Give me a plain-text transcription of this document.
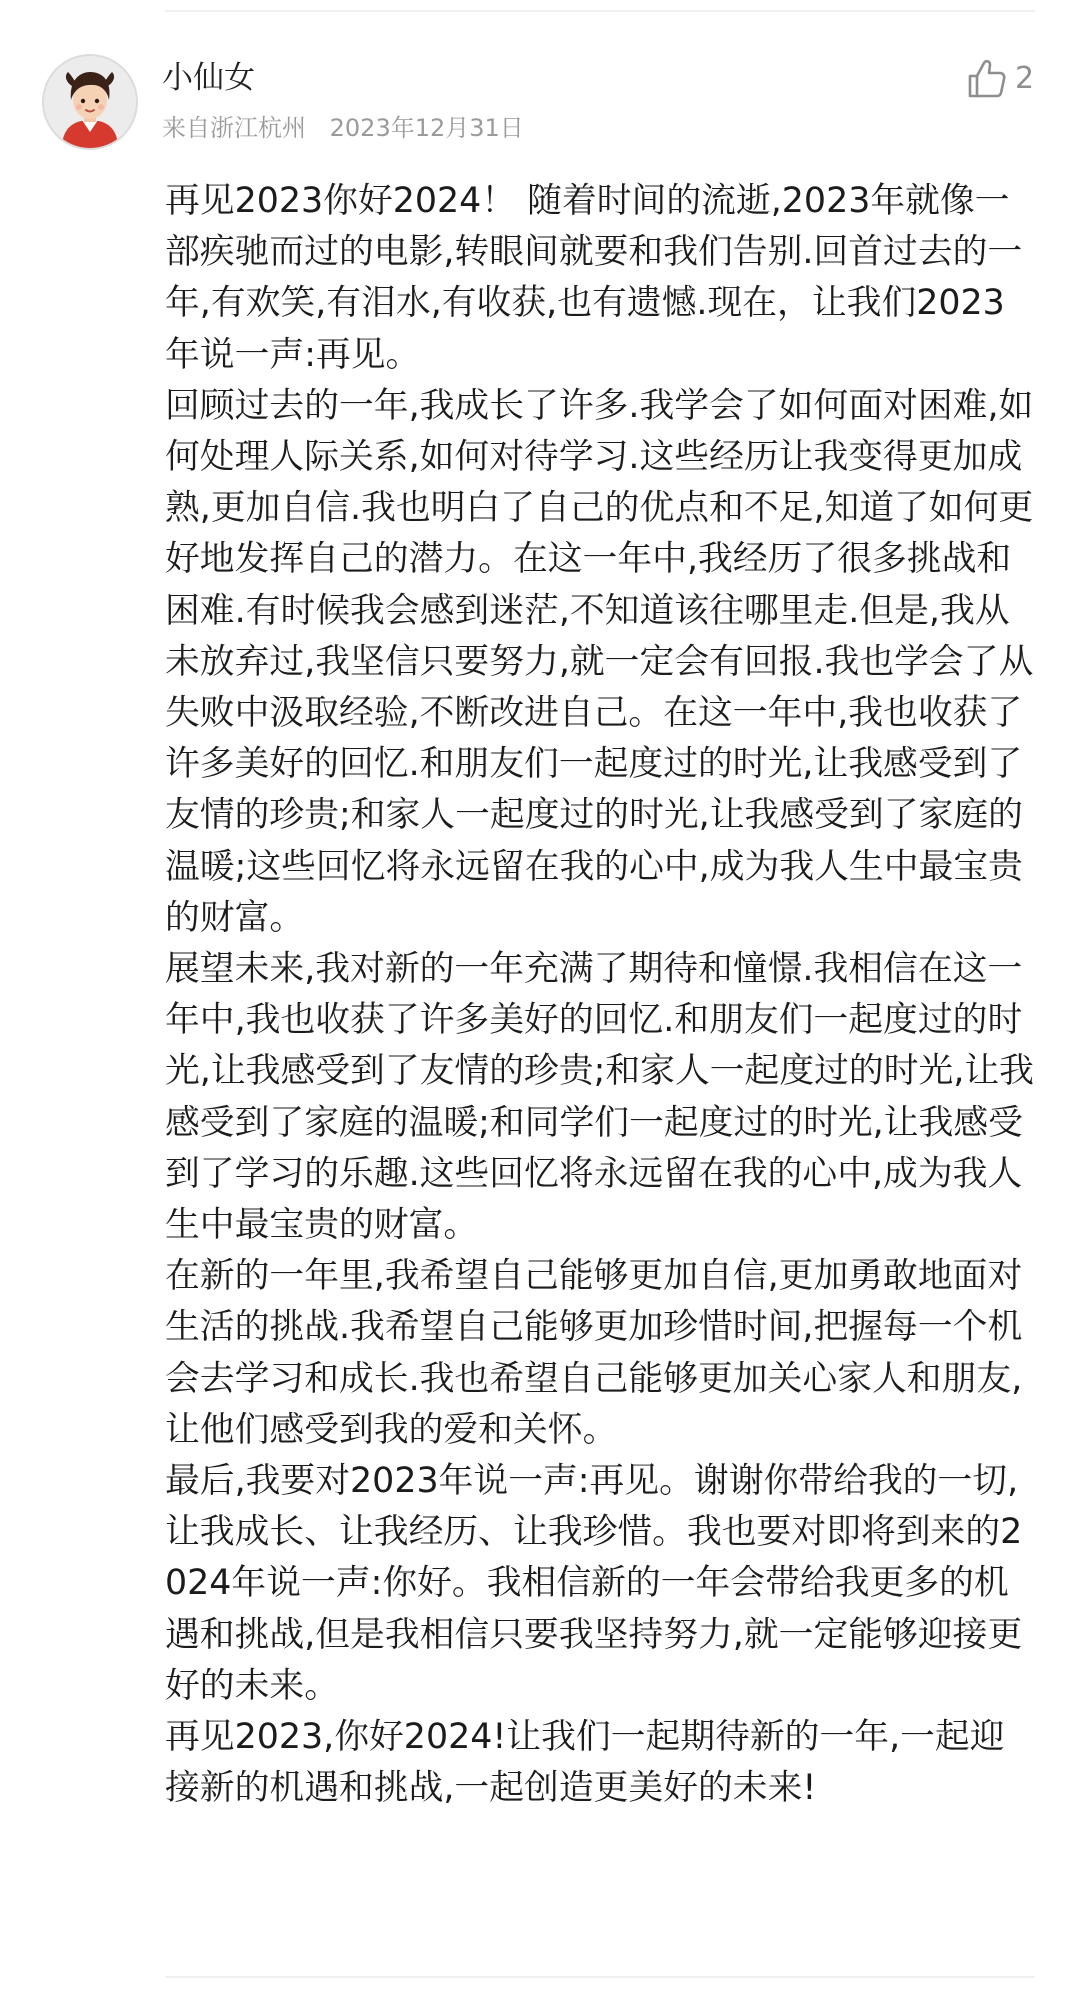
小仙女
来自浙江杭州 2023年12月31日
2

再见2023你好2024！ 随着时间的流逝,2023年就像一部疾驰而过的电影,转眼间就要和我们告别.回首过去的一年,有欢笑,有泪水,有收获,也有遗憾.现在，让我们2023年说一声:再见。

回顾过去的一年,我成长了许多.我学会了如何面对困难,如何处理人际关系,如何对待学习.这些经历让我变得更加成熟,更加自信.我也明白了自己的优点和不足,知道了如何更好地发挥自己的潜力。在这一年中,我经历了很多挑战和困难.有时候我会感到迷茫,不知道该往哪里走.但是,我从未放弃过,我坚信只要努力,就一定会有回报.我也学会了从失败中汲取经验,不断改进自己。在这一年中,我也收获了许多美好的回忆.和朋友们一起度过的时光,让我感受到了友情的珍贵;和家人一起度过的时光,让我感受到了家庭的温暖;这些回忆将永远留在我的心中,成为我人生中最宝贵的财富。

展望未来,我对新的一年充满了期待和憧憬.我相信在这一年中,我也收获了许多美好的回忆.和朋友们一起度过的时光,让我感受到了友情的珍贵;和家人一起度过的时光,让我感受到了家庭的温暖;和同学们一起度过的时光,让我感受到了学习的乐趣.这些回忆将永远留在我的心中,成为我人生中最宝贵的财富。

在新的一年里,我希望自己能够更加自信,更加勇敢地面对生活的挑战.我希望自己能够更加珍惜时间,把握每一个机会去学习和成长.我也希望自己能够更加关心家人和朋友,让他们感受到我的爱和关怀。

最后,我要对2023年说一声:再见。谢谢你带给我的一切,让我成长、让我经历、让我珍惜。我也要对即将到来的2024年说一声:你好。我相信新的一年会带给我更多的机遇和挑战,但是我相信只要我坚持努力,就一定能够迎接更好的未来。

再见2023,你好2024!让我们一起期待新的一年,一起迎接新的机遇和挑战,一起创造更美好的未来!
